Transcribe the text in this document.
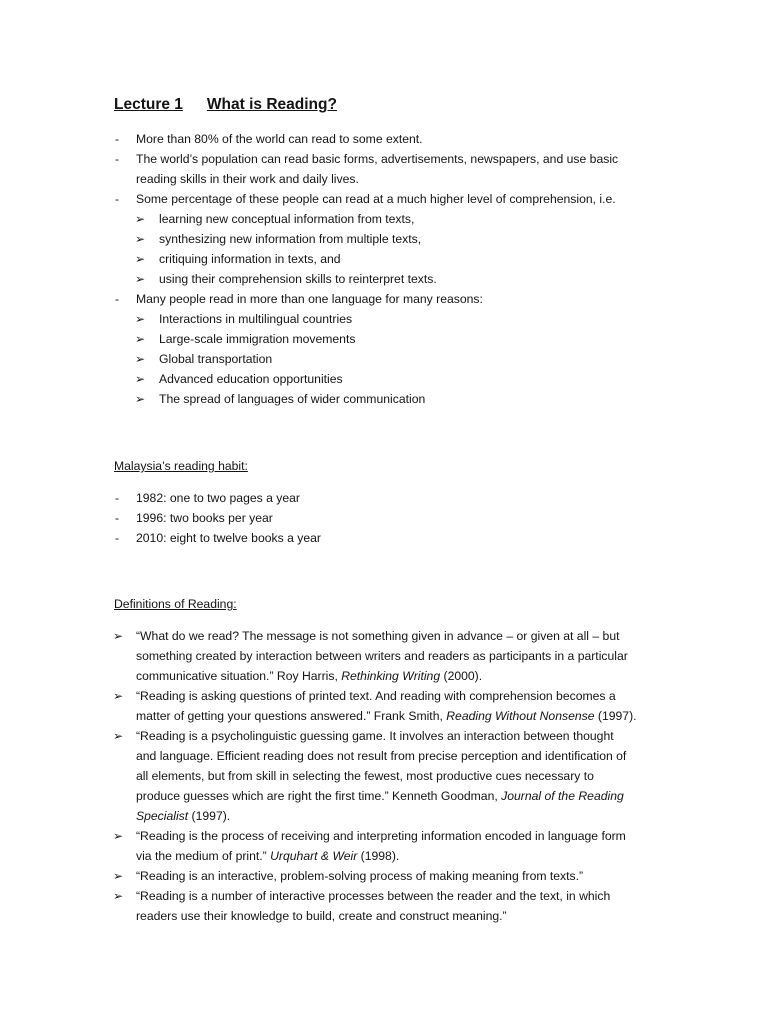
Lecture 1 What is Reading?
- More than 80% of the world can read to some extent.
- The world’s population can read basic forms, advertisements, newspapers, and use basic
reading skills in their work and daily lives.
- Some percentage of these people can read at a much higher level of comprehension, i.e.
➢ learning new conceptual information from texts,
➢ synthesizing new information from multiple texts,
➢ critiquing information in texts, and
➢ using their comprehension skills to reinterpret texts.
- Many people read in more than one language for many reasons:
➢ Interactions in multilingual countries
➢ Large-scale immigration movements
➢ Global transportation
➢ Advanced education opportunities
➢ The spread of languages of wider communication
Malaysia’s reading habit:
- 1982: one to two pages a year
- 1996: two books per year
- 2010: eight to twelve books a year
Definitions of Reading:
➢ “What do we read? The message is not something given in advance – or given at all – but
something created by interaction between writers and readers as participants in a particular
communicative situation.” Roy Harris, Rethinking Writing (2000).
➢ “Reading is asking questions of printed text. And reading with comprehension becomes a
matter of getting your questions answered.” Frank Smith, Reading Without Nonsense (1997).
➢ “Reading is a psycholinguistic guessing game. It involves an interaction between thought
and language. Efficient reading does not result from precise perception and identification of
all elements, but from skill in selecting the fewest, most productive cues necessary to
produce guesses which are right the first time.” Kenneth Goodman, Journal of the Reading
Specialist (1997).
➢ “Reading is the process of receiving and interpreting information encoded in language form
via the medium of print.” Urquhart & Weir (1998).
➢ “Reading is an interactive, problem-solving process of making meaning from texts.”
➢ “Reading is a number of interactive processes between the reader and the text, in which
readers use their knowledge to build, create and construct meaning.”
